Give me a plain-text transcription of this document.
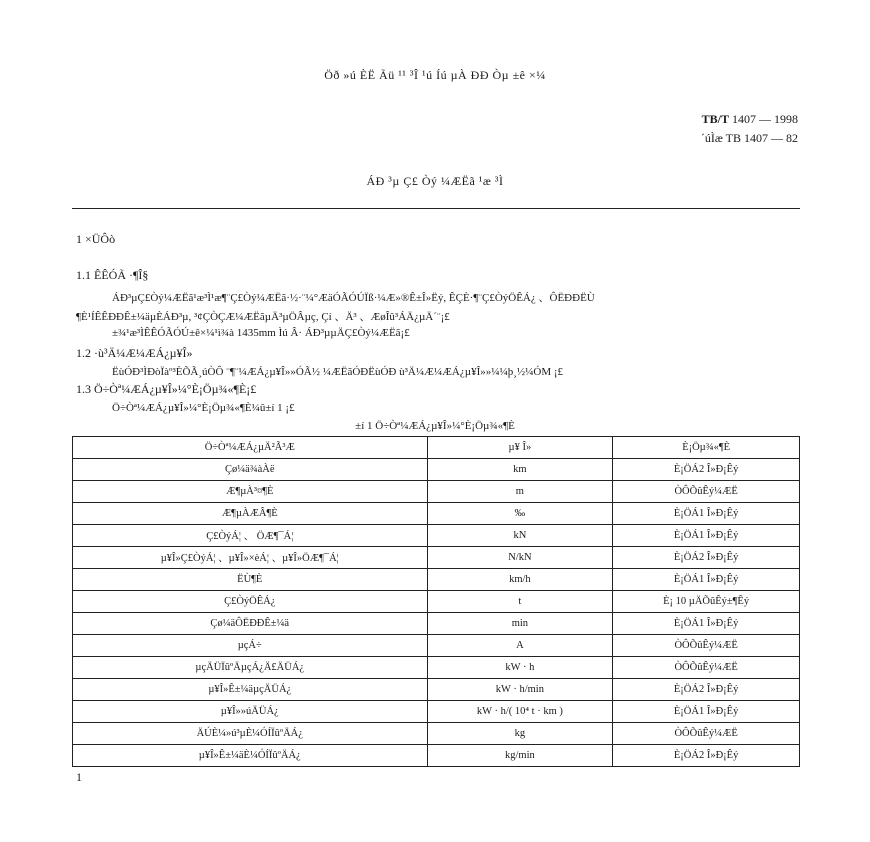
Öð »ú ÈË Ãü ¹¹ ³Î ¹ú Íú µÀ ÐÐ Òµ ±ê ×¼
TB/T 1407 — 1998
´úÌæ TB 1407 — 82
ÁÐ ³µ Ç£ Òý ¼ÆËã ¹æ ³Ì
1 ×ÜÔò
1.1 ÊÊÓÃ ·¶Î§
ÁÐ³µÇ£Òý¼ÆËã¹æ³Ì¹æ¶¨Ç£Òý¼ÆËã·½·¨¼°ÆäÓÃÓÚÏß·¼Æ»®Ê±Î»Ëý, ÊÇÈ·¶¨Ç£ÒýÖÊÁ¿ 、ÔËÐÐËÙ
¶È¹ÍÊÊÐÐÊ±¼äµÈÁÐ³µ, ³¢ÇÒÇÆ¼ÆËãµÄ³µÖÂµç, Çí 、Ä³ 、ÆøÎû³ÁÄ¿µÄ´¨¡£
±¾¹æ³ÌÊÊÓÃÓÚ±ê×¼¹ì¾à 1435mm Ìú Â· ÁÐ³µµÄÇ£Òý¼ÆËã¡£
1.2 ·ù³Ä¼Æ¼ÆÁ¿µ¥Î»
ËùÓÐ³ÌÐòÏàº³ÈÕÃ¸úÒÔ ¨¶¨¼ÆÁ¿µ¥Î»»ÓÃ½ ¼ÆËãÓÐËùÓÐ ù³Ä¼Æ¼ÆÁ¿µ¥Î»»¼¼þ¸½¼ÓM ¡£
1.3 Ö÷Òª¼ÆÁ¿µ¥Î»¼°È¡Öµ¾«¶È¡£
Ö÷Òª¼ÆÁ¿µ¥Î»¼°È¡Öµ¾«¶È¼û±í 1 ¡£
±í 1 Ö÷Òª¼ÆÁ¿µ¥Î»¼°È¡Öµ¾«¶È
Ö÷Òª¼ÆÁ¿µÄ²Ã³Æ	µ¥ Î»	È¡Öµ¾«¶È
Çø¼ä¾àÀë	km	È¡ÖÁ2 Î»Ð¡Êý
Æ¶µÀ³¤¶È	m	ÒÔÕûÊý¼ÆË
Æ¶µÀÆÂ¶È	‰	È¡ÖÁ1 Î»Ð¡Êý
Ç£ÒýÁ¦ 、 ÖÆ¶¯Á¦	kN	È¡ÖÁ1 Î»Ð¡Êý
µ¥Î»Ç£ÒýÁ¦ 、µ¥Î»×èÁ¦ 、µ¥Î»ÖÆ¶¯Á¦	N/kN	È¡ÖÁ2 Î»Ð¡Êý
ËÙ¶È	km/h	È¡ÖÁ1 Î»Ð¡Êý
Ç£ÒýÖÊÁ¿	t	È¡ 10 µÄÕûÊý±¶Êý
Çø¼äÔËÐÐÊ±¼ä	min	È¡ÖÁ1 Î»Ð¡Êý
µçÁ÷	A	ÒÔÕûÊý¼ÆË
µçÄÜÏûºÄµçÁ¿Ä£ÄÜÁ¿	kW · h	ÒÔÕûÊý¼ÆË
µ¥Î»Ê±¼äµçÄÜÁ¿	kW · h/min	È¡ÖÁ2 Î»Ð¡Êý
µ¥Î»»úÄÜÁ¿	kW · h/( 10⁴ t · km )	È¡ÖÁ1 Î»Ð¡Êý
ÄÚÈ¼»ú³µÈ¼ÓÍÏûºÄÁ¿	kg	ÒÔÕûÊý¼ÆË
µ¥Î»Ê±¼äÈ¼ÓÍÏûºÄÁ¿	kg/min	È¡ÖÁ2 Î»Ð¡Êý
1
